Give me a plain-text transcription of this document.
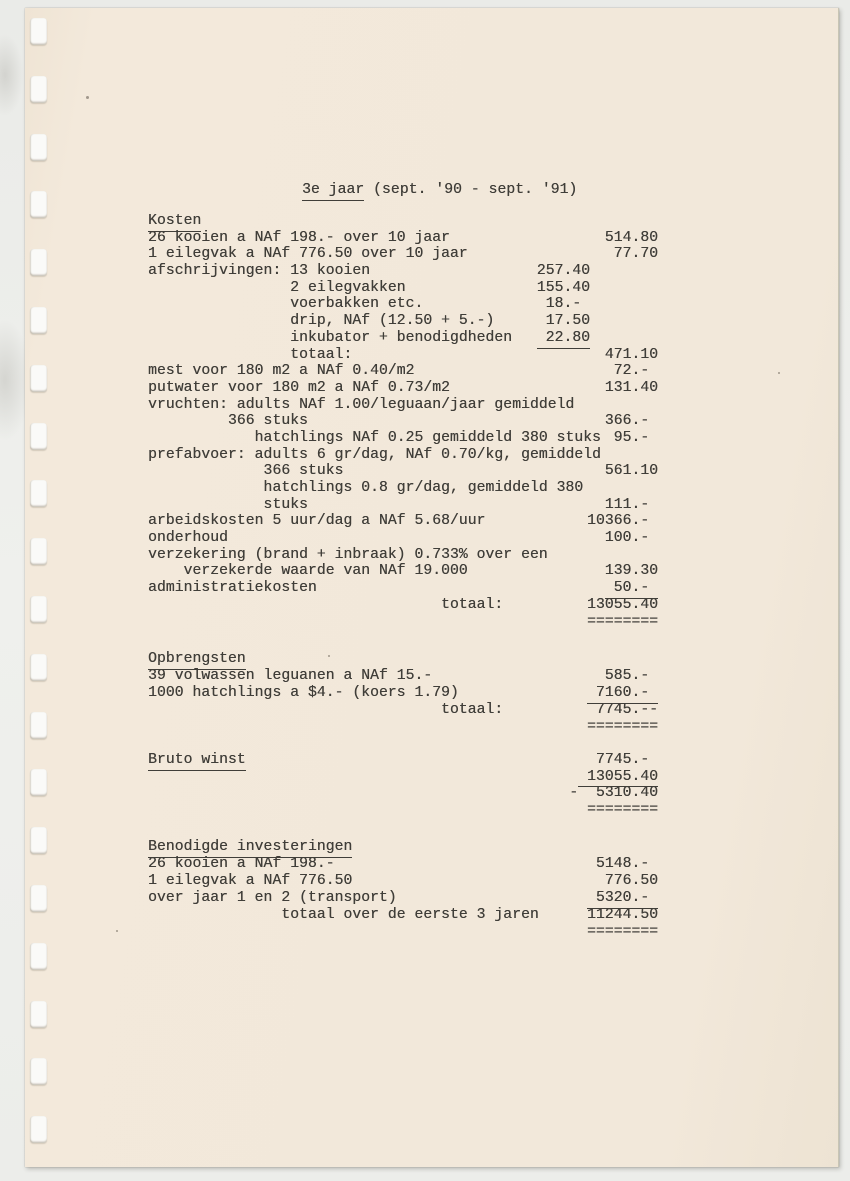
3e jaar (sept. '90 - sept. '91)
Kosten
26 kooien a NAf 198.- over 10 jaar	514.80
1 eilegvak a NAf 776.50 over 10 jaar	77.70
afschrijvingen: 13 kooien	257.40
2 eilegvakken	155.40
voerbakken etc.	18.-
drip, NAf (12.50 + 5.-)	17.50
inkubator + benodigdheden	22.80
totaal:	471.10
mest voor 180 m2 a NAf 0.40/m2	72.-
putwater voor 180 m2 a NAf 0.73/m2	131.40
vruchten: adults NAf 1.00/leguaan/jaar gemiddeld
366 stuks	366.-
hatchlings NAf 0.25 gemiddeld 380 stuks 95.-
prefabvoer: adults 6 gr/dag, NAf 0.70/kg, gemiddeld
366 stuks	561.10
hatchlings 0.8 gr/dag, gemiddeld 380
stuks	111.-
arbeidskosten 5 uur/dag a NAf 5.68/uur	10366.-
onderhoud	100.-
verzekering (brand + inbraak) 0.733% over een
verzekerde waarde van NAf 19.000	139.30
administratiekosten	50.-
totaal:	13055.40
========
Opbrengsten
39 volwassen leguanen a NAf 15.-	585.-
1000 hatchlings a $4.- (koers 1.79)	7160.-
totaal:	7745.--
========
Bruto winst	7745.-
13055.40
-  5310.40
========
Benodigde investeringen
26 kooien a NAf 198.-	5148.-
1 eilegvak a NAf 776.50	776.50
over jaar 1 en 2 (transport)	5320.-
totaal over de eerste 3 jaren	11244.50
========
